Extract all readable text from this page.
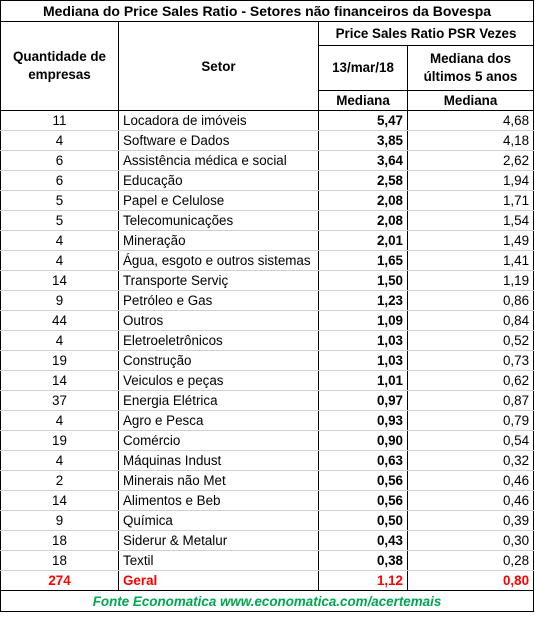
Mediana do Price Sales Ratio - Setores não financeiros da Bovespa			
Quantidade de empresas	Setor	Price Sales Ratio PSR Vezes	
		13/mar/18	Mediana dos últimos 5 anos
		Mediana	Mediana
11	Locadora de imóveis	5,47	4,68
4	Software e Dados	3,85	4,18
6	Assistência médica e social	3,64	2,62
6	Educação	2,58	1,94
5	Papel e Celulose	2,08	1,71
5	Telecomunicações	2,08	1,54
4	Mineração	2,01	1,49
4	Água, esgoto e outros sistemas	1,65	1,41
14	Transporte Serviç	1,50	1,19
9	Petróleo e Gas	1,23	0,86
44	Outros	1,09	0,84
4	Eletroeletrônicos	1,03	0,52
19	Construção	1,03	0,73
14	Veiculos e peças	1,01	0,62
37	Energia Elétrica	0,97	0,87
4	Agro e Pesca	0,93	0,79
19	Comércio	0,90	0,54
4	Máquinas Indust	0,63	0,32
2	Minerais não Met	0,56	0,46
14	Alimentos e Beb	0,56	0,46
9	Química	0,50	0,39
18	Siderur & Metalur	0,43	0,30
18	Textil	0,38	0,28
274	Geral	1,12	0,80
Fonte Economatica www.economatica.com/acertemais			
